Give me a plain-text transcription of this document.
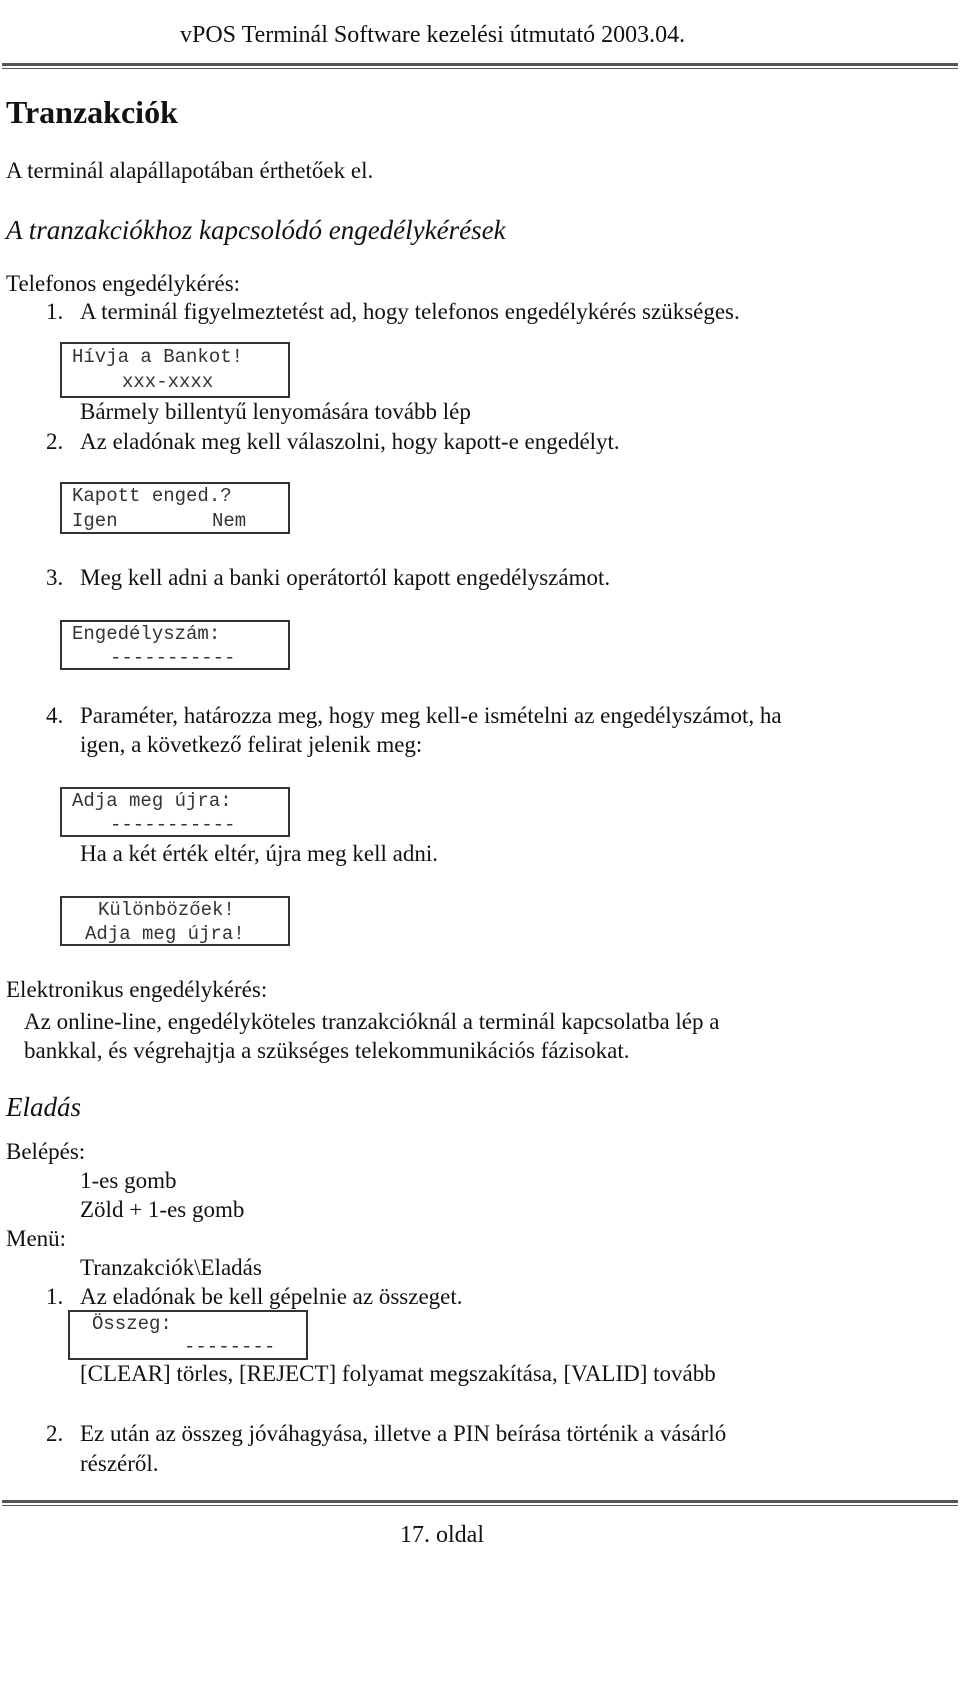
vPOS Terminál Software kezelési útmutató 2003.04.
Tranzakciók
A terminál alapállapotában érthetőek el.
A tranzakciókhoz kapcsolódó engedélykérések
Telefonos engedélykérés:
1. A terminál figyelmeztetést ad, hogy telefonos engedélykérés szükséges.
Hívja a Bankot!
xxx-xxxx
Bármely billentyű lenyomására tovább lép
2. Az eladónak meg kell válaszolni, hogy kapott-e engedélyt.
Kapott enged.?
Igen	Nem
3. Meg kell adni a banki operátortól kapott engedélyszámot.
Engedélyszám:
-----------
4. Paraméter, határozza meg, hogy meg kell-e ismételni az engedélyszámot, ha
igen, a következő felirat jelenik meg:
Adja meg újra:
-----------
Ha a két érték eltér, újra meg kell adni.
Különbözőek!
Adja meg újra!
Elektronikus engedélykérés:
Az online-line, engedélyköteles tranzakcióknál a terminál kapcsolatba lép a
bankkal, és végrehajtja a szükséges telekommunikációs fázisokat.
Eladás
Belépés:
1-es gomb
Zöld + 1-es gomb
Menü:
Tranzakciók\Eladás
1. Az eladónak be kell gépelnie az összeget.
Összeg:
--------
[CLEAR] törles, [REJECT] folyamat megszakítása, [VALID] tovább
2. Ez után az összeg jóváhagyása, illetve a PIN beírása történik a vásárló
részéről.
17. oldal
